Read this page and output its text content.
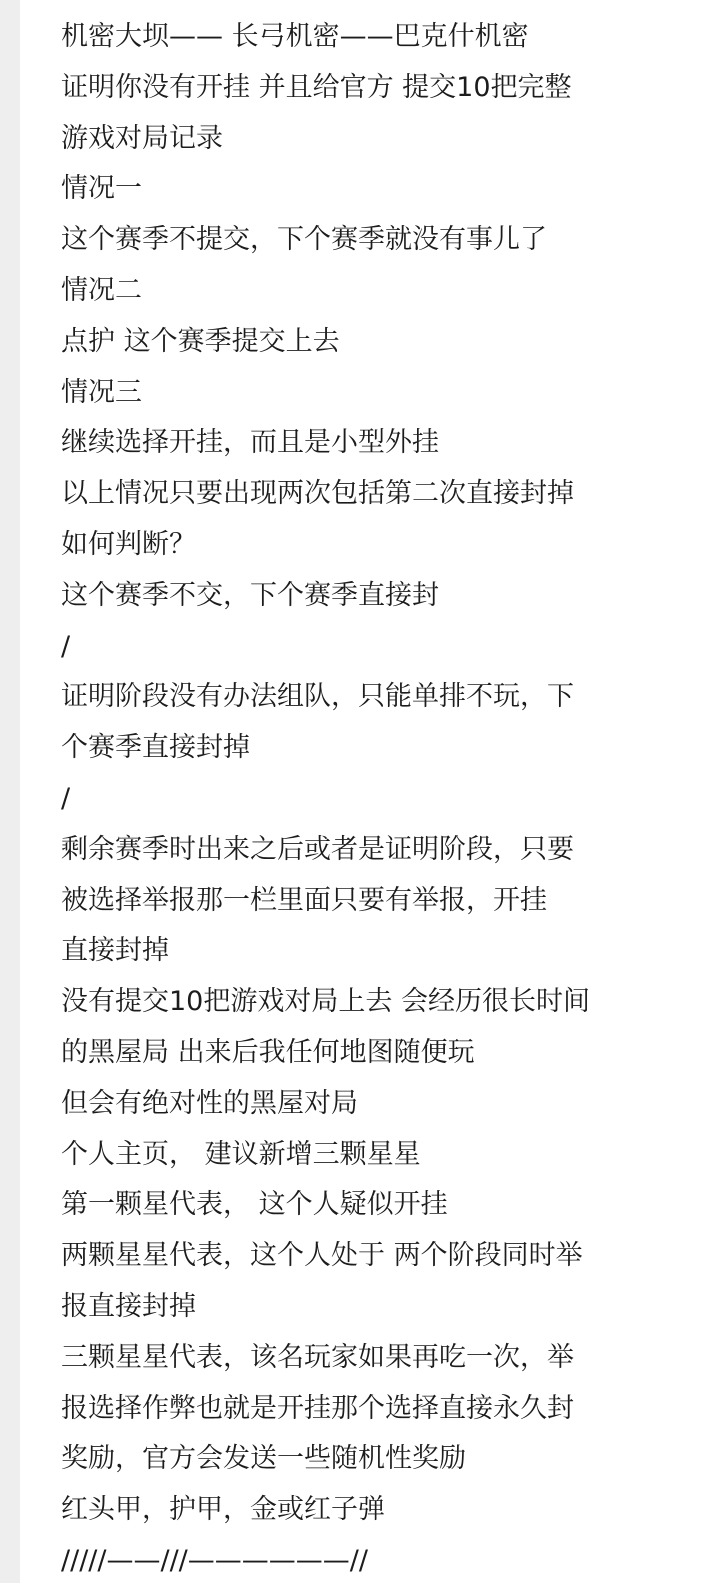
机密大坝—— 长弓机密——巴克什机密
证明你没有开挂 并且给官方 提交10把完整
游戏对局记录
情况一
这个赛季不提交，下个赛季就没有事儿了
情况二
点护 这个赛季提交上去
情况三
继续选择开挂，而且是小型外挂
以上情况只要出现两次包括第二次直接封掉
如何判断？
这个赛季不交，下个赛季直接封
/
证明阶段没有办法组队，只能单排不玩，下
个赛季直接封掉
/
剩余赛季时出来之后或者是证明阶段，只要
被选择举报那一栏里面只要有举报，开挂
直接封掉
没有提交10把游戏对局上去 会经历很长时间
的黑屋局 出来后我任何地图随便玩
但会有绝对性的黑屋对局
个人主页， 建议新增三颗星星
第一颗星代表， 这个人疑似开挂
两颗星星代表，这个人处于 两个阶段同时举
报直接封掉
三颗星星代表，该名玩家如果再吃一次，举
报选择作弊也就是开挂那个选择直接永久封
奖励，官方会发送一些随机性奖励
红头甲，护甲，金或红子弹
/////——///——————//
